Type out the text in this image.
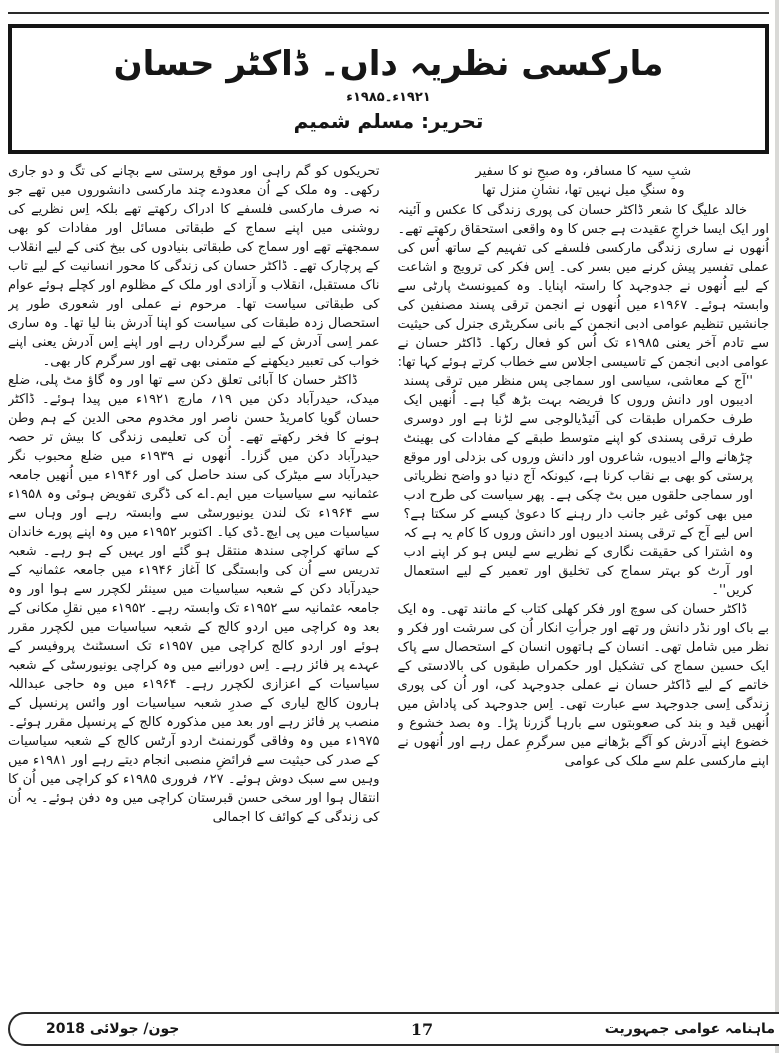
مارکسی نظریہ داں۔ ڈاکٹر حسان
۱۹۲۱ء۔۱۹۸۵ء
تحریر: مسلم شمیم
شبِ سیہ کا مسافر، وہ صبحِ نو کا سفیر
وہ سنگِ میل نہیں تھا، نشانِ منزل تھا

خالد علیگ کا شعر ڈاکٹر حسان کی پوری زندگی کا عکس و آئینہ اور ایک ایسا خراجِ عقیدت ہے جس کا وہ واقعی استحقاق رکھتے تھے۔ اُنھوں نے ساری زندگی مارکسی فلسفے کی تفہیم کے ساتھ اُس کی عملی تفسیر پیش کرنے میں بسر کی۔ اِس فکر کی ترویج و اشاعت کے لیے اُنھوں نے جدوجہد کا راستہ اپنایا۔ وہ کمیونسٹ پارٹی سے وابستہ ہوئے۔ ۱۹۶۷ء میں اُنھوں نے انجمن ترقی پسند مصنفین کی جانشیں تنظیم عوامی ادبی انجمن کے بانی سکریٹری جنرل کی حیثیت سے تادم آخر یعنی ۱۹۸۵ء تک اُس کو فعال رکھا۔ ڈاکٹر حسان نے عوامی ادبی انجمن کے تاسیسی اجلاس سے خطاب کرتے ہوئے کہا تھا:

''آج کے معاشی، سیاسی اور سماجی پس منظر میں ترقی پسند ادیبوں اور دانش وروں کا فریضہ بہت بڑھ گیا ہے۔ اُنھیں ایک طرف حکمراں طبقات کی آئیڈیالوجی سے لڑنا ہے اور دوسری طرف ترقی پسندی کو اپنے متوسط طبقے کے مفادات کی بھینٹ چڑھانے والے ادیبوں، شاعروں اور دانش وروں کی بزدلی اور موقع پرستی کو بھی بے نقاب کرنا ہے، کیونکہ آج دنیا دو واضح نظریاتی اور سماجی حلقوں میں بٹ چکی ہے۔ پھر سیاست کی طرح ادب میں بھی کوئی غیر جانب دار رہنے کا دعویٰ کیسے کر سکتا ہے؟ اس لیے آج کے ترقی پسند ادیبوں اور دانش وروں کا کام یہ ہے کہ وہ اشترا کی حقیقت نگاری کے نظریے سے لیس ہو کر اپنے ادب اور آرٹ کو بہتر سماج کی تخلیق اور تعمیر کے لیے استعمال کریں''۔

ڈاکٹر حسان کی سوچ اور فکر کھلی کتاب کے مانند تھی۔ وہ ایک بے باک اور نڈر دانش ور تھے اور جرأتِ انکار اُن کی سرشت اور فکر و نظر میں شامل تھی۔ انسان کے ہاتھوں انسان کے استحصال سے پاک ایک حسین سماج کی تشکیل اور حکمراں طبقوں کی بالادستی کے خاتمے کے لیے ڈاکٹر حسان نے عملی جدوجہد کی، اور اُن کی پوری زندگی اِسی جدوجہد سے عبارت تھی۔ اِس جدوجہد کی پاداش میں اُنھیں قید و بند کی صعوبتوں سے بارہا گزرنا پڑا۔ وہ بصد خشوع و خضوع اپنے آدرش کو آگے بڑھانے میں سرگرمِ عمل رہے اور اُنھوں نے اپنے مارکسی علم سے ملک کی عوامی

تحریکوں کو گم راہی اور موقع پرستی سے بچانے کی تگ و دو جاری رکھی۔ وہ ملک کے اُن معدودے چند مارکسی دانشوروں میں تھے جو نہ صرف مارکسی فلسفے کا ادراک رکھتے تھے بلکہ اِس نظریے کی روشنی میں اپنے سماج کے طبقاتی مسائل اور مفادات کو بھی سمجھتے تھے اور سماج کی طبقاتی بنیادوں کی بیخ کنی کے لیے انقلاب کے پرچارک تھے۔ ڈاکٹر حسان کی زندگی کا محور انسانیت کے لیے تاب ناک مستقبل، انقلاب و آزادی اور ملک کے مظلوم اور کچلے ہوئے عوام کی طبقاتی سیاست تھا۔ مرحوم نے عملی اور شعوری طور پر استحصال زدہ طبقات کی سیاست کو اپنا آدرش بنا لیا تھا۔ وہ ساری عمر اِسی آدرش کے لیے سرگرداں رہے اور اپنے اِس آدرش یعنی اپنے خواب کی تعبیر دیکھنے کے متمنی بھی تھے اور سرگرم کار بھی۔

ڈاکٹر حسان کا آبائی تعلق دکن سے تھا اور وہ گاؤ مٹ پلی، ضلع میدک، حیدرآباد دکن میں ۱۹؍ مارچ ۱۹۲۱ء میں پیدا ہوئے۔ ڈاکٹر حسان گویا کامریڈ حسن ناصر اور مخدوم محی الدین کے ہم وطن ہونے کا فخر رکھتے تھے۔ اُن کی تعلیمی زندگی کا بیش تر حصہ حیدرآباد دکن میں گزرا۔ اُنھوں نے ۱۹۳۹ء میں ضلع محبوب نگر حیدرآباد سے میٹرک کی سند حاصل کی اور ۱۹۴۶ء میں اُنھیں جامعہ عثمانیہ سے سیاسیات میں ایم۔اے کی ڈگری تفویض ہوئی وہ ۱۹۵۸ء سے ۱۹۶۴ء تک لندن یونیورسٹی سے وابستہ رہے اور وہاں سے سیاسیات میں پی ایچ۔ڈی کیا۔ اکتوبر ۱۹۵۲ء میں وہ اپنے پورے خاندان کے ساتھ کراچی سندھ منتقل ہو گئے اور یہیں کے ہو رہے۔ شعبہ تدریس سے اُن کی وابستگی کا آغاز ۱۹۴۶ء میں جامعہ عثمانیہ کے حیدرآباد دکن کے شعبہ سیاسیات میں سینئر لکچرر سے ہوا اور وہ جامعہ عثمانیہ سے ۱۹۵۲ء تک وابستہ رہے۔ ۱۹۵۲ء میں نقلِ مکانی کے بعد وہ کراچی میں اردو کالج کے شعبہ سیاسیات میں لکچرر مقرر ہوئے اور اردو کالج کراچی میں ۱۹۵۷ء تک اسسٹنٹ پروفیسر کے عہدے پر فائز رہے۔ اِس دورانیے میں وہ کراچی یونیورسٹی کے شعبہ سیاسیات کے اعزازی لکچرر رہے۔ ۱۹۶۴ء میں وہ حاجی عبداللہ ہارون کالج لیاری کے صدرِ شعبہ سیاسیات اور وائس پرنسپل کے منصب پر فائز رہے اور بعد میں مذکورہ کالج کے پرنسپل مقرر ہوئے۔ ۱۹۷۵ء میں وہ وفاقی گورنمنٹ اردو آرٹس کالج کے شعبہ سیاسیات کے صدر کی حیثیت سے فرائضِ منصبی انجام دیتے رہے اور ۱۹۸۱ء میں وہیں سے سبک دوش ہوئے۔ ۲۷؍ فروری ۱۹۸۵ء کو کراچی میں اُن کا انتقال ہوا اور سخی حسن قبرستان کراچی میں وہ دفن ہوئے۔ یہ اُن کی زندگی کے کوائف کا اجمالی

ماہنامہ عوامی جمہوریت
17
جون/ جولائی 2018
